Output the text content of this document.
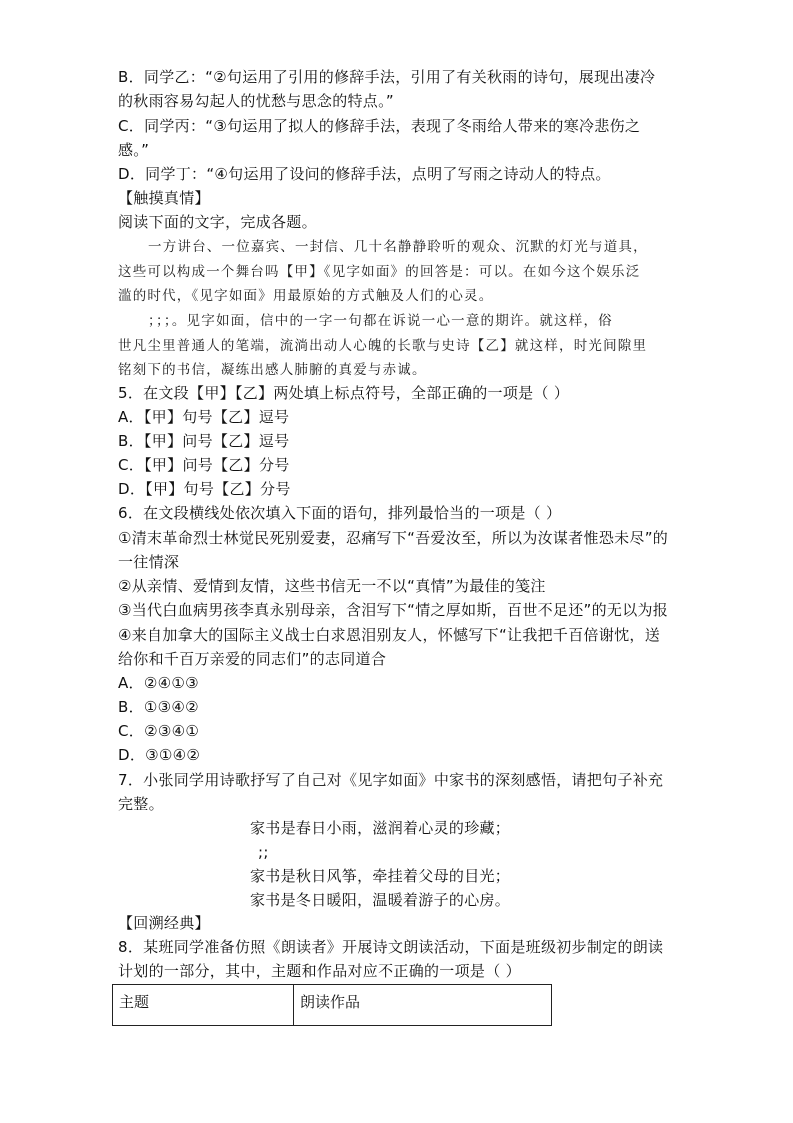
B．同学乙：“②句运用了引用的修辞手法，引用了有关秋雨的诗句，展现出凄冷
的秋雨容易勾起人的忧愁与思念的特点。”
C．同学丙：“③句运用了拟人的修辞手法，表现了冬雨给人带来的寒冷悲伤之
感。”
D．同学丁：“④句运用了设问的修辞手法，点明了写雨之诗动人的特点。
【触摸真情】
阅读下面的文字，完成各题。
一方讲台、一位嘉宾、一封信、几十名静静聆听的观众、沉默的灯光与道具，
这些可以构成一个舞台吗【甲】《见字如面》的回答是：可以。在如今这个娱乐泛
滥的时代，《见字如面》用最原始的方式触及人们的心灵。
；；；。见字如面，信中的一字一句都在诉说一心一意的期许。就这样，俗
世凡尘里普通人的笔端，流淌出动人心魄的长歌与史诗【乙】就这样，时光间隙里
铭刻下的书信，凝练出感人肺腑的真爱与赤诚。
5．在文段【甲】【乙】两处填上标点符号，全部正确的一项是（ ）
A．【甲】句号【乙】逗号
B．【甲】问号【乙】逗号
C．【甲】问号【乙】分号
D．【甲】句号【乙】分号
6．在文段横线处依次填入下面的语句，排列最恰当的一项是（ ）
①清末革命烈士林觉民死别爱妻，忍痛写下“吾爱汝至，所以为汝谋者惟恐未尽”的
一往情深
②从亲情、爱情到友情，这些书信无一不以“真情”为最佳的笺注
③当代白血病男孩李真永别母亲，含泪写下“情之厚如斯，百世不足还”的无以为报
④来自加拿大的国际主义战士白求恩泪别友人，怀憾写下“让我把千百倍谢忱，送
给你和千百万亲爱的同志们”的志同道合
A．②④①③
B．①③④②
C．②③④①
D．③①④②
7．小张同学用诗歌抒写了自己对《见字如面》中家书的深刻感悟，请把句子补充
完整。
家书是春日小雨，滋润着心灵的珍藏；
;;
家书是秋日风筝，牵挂着父母的目光；
家书是冬日暖阳，温暖着游子的心房。
【回溯经典】
8．某班同学准备仿照《朗读者》开展诗文朗读活动，下面是班级初步制定的朗读
计划的一部分，其中，主题和作品对应不正确的一项是（ ）
主题	朗读作品
